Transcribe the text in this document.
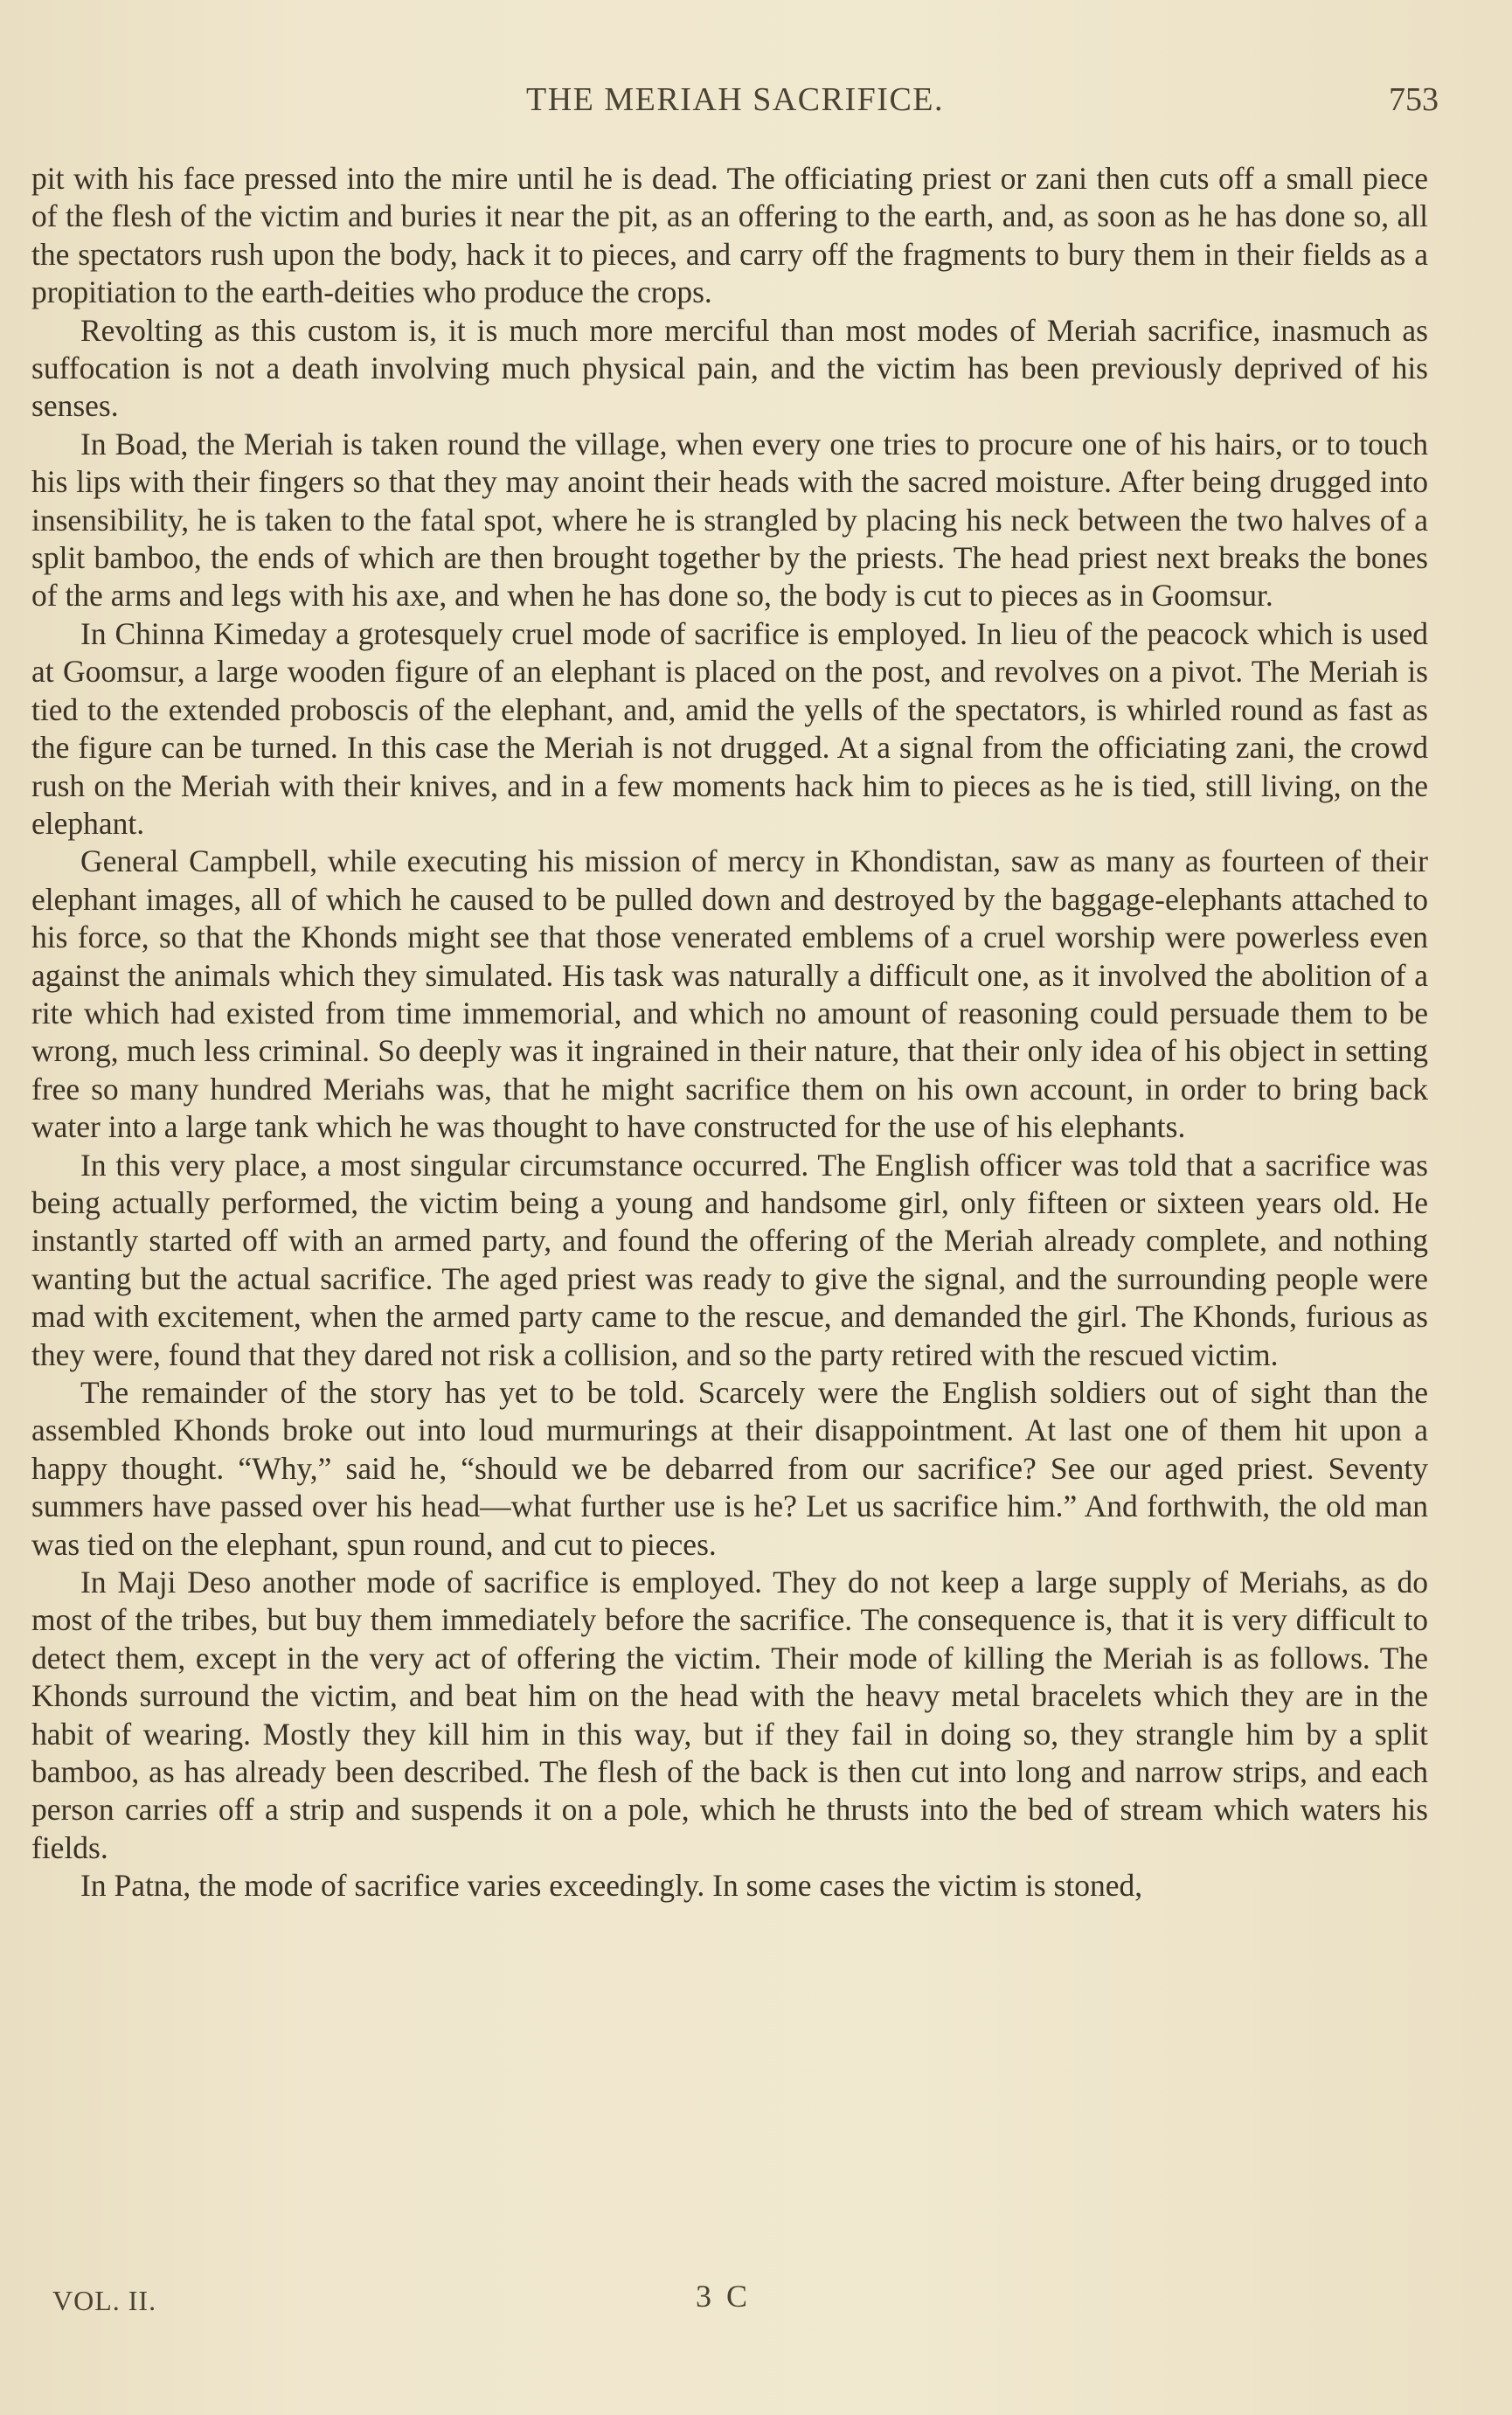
THE MERIAH SACRIFICE.	753

pit with his face pressed into the mire until he is dead. The officiating priest or zani then cuts off a small piece of the flesh of the victim and buries it near the pit, as an offering to the earth, and, as soon as he has done so, all the spectators rush upon the body, hack it to pieces, and carry off the fragments to bury them in their fields as a propitiation to the earth-deities who produce the crops.

Revolting as this custom is, it is much more merciful than most modes of Meriah sacrifice, inasmuch as suffocation is not a death involving much physical pain, and the victim has been previously deprived of his senses.

In Boad, the Meriah is taken round the village, when every one tries to procure one of his hairs, or to touch his lips with their fingers so that they may anoint their heads with the sacred moisture. After being drugged into insensibility, he is taken to the fatal spot, where he is strangled by placing his neck between the two halves of a split bamboo, the ends of which are then brought together by the priests. The head priest next breaks the bones of the arms and legs with his axe, and when he has done so, the body is cut to pieces as in Goomsur.

In Chinna Kimeday a grotesquely cruel mode of sacrifice is employed. In lieu of the peacock which is used at Goomsur, a large wooden figure of an elephant is placed on the post, and revolves on a pivot. The Meriah is tied to the extended proboscis of the elephant, and, amid the yells of the spectators, is whirled round as fast as the figure can be turned. In this case the Meriah is not drugged. At a signal from the officiating zani, the crowd rush on the Meriah with their knives, and in a few moments hack him to pieces as he is tied, still living, on the elephant.

General Campbell, while executing his mission of mercy in Khondistan, saw as many as fourteen of their elephant images, all of which he caused to be pulled down and destroyed by the baggage-elephants attached to his force, so that the Khonds might see that those venerated emblems of a cruel worship were powerless even against the animals which they simulated. His task was naturally a difficult one, as it involved the abolition of a rite which had existed from time immemorial, and which no amount of reasoning could persuade them to be wrong, much less criminal. So deeply was it ingrained in their nature, that their only idea of his object in setting free so many hundred Meriahs was, that he might sacrifice them on his own account, in order to bring back water into a large tank which he was thought to have constructed for the use of his elephants.

In this very place, a most singular circumstance occurred. The English officer was told that a sacrifice was being actually performed, the victim being a young and handsome girl, only fifteen or sixteen years old. He instantly started off with an armed party, and found the offering of the Meriah already complete, and nothing wanting but the actual sacrifice. The aged priest was ready to give the signal, and the surrounding people were mad with excitement, when the armed party came to the rescue, and demanded the girl. The Khonds, furious as they were, found that they dared not risk a collision, and so the party retired with the rescued victim.

The remainder of the story has yet to be told. Scarcely were the English soldiers out of sight than the assembled Khonds broke out into loud murmurings at their disappointment. At last one of them hit upon a happy thought. “Why,” said he, “should we be debarred from our sacrifice? See our aged priest. Seventy summers have passed over his head—what further use is he? Let us sacrifice him.” And forthwith, the old man was tied on the elephant, spun round, and cut to pieces.

In Maji Deso another mode of sacrifice is employed. They do not keep a large supply of Meriahs, as do most of the tribes, but buy them immediately before the sacrifice. The consequence is, that it is very difficult to detect them, except in the very act of offering the victim. Their mode of killing the Meriah is as follows. The Khonds surround the victim, and beat him on the head with the heavy metal bracelets which they are in the habit of wearing. Mostly they kill him in this way, but if they fail in doing so, they strangle him by a split bamboo, as has already been described. The flesh of the back is then cut into long and narrow strips, and each person carries off a strip and suspends it on a pole, which he thrusts into the bed of stream which waters his fields.

In Patna, the mode of sacrifice varies exceedingly. In some cases the victim is stoned,

VOL. II.	3 C
